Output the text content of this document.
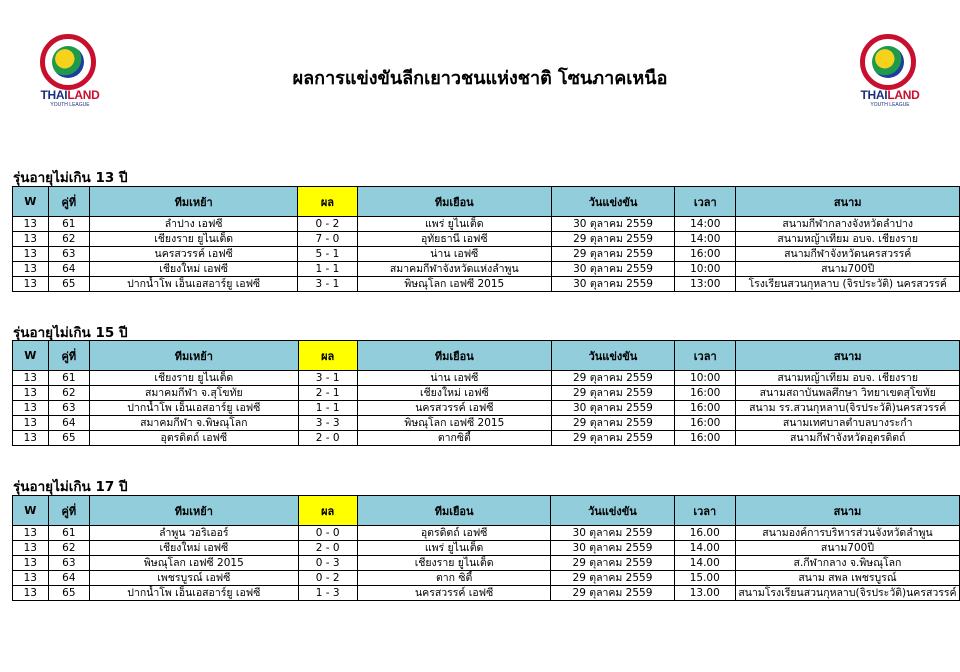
THAILAND
YOUTH LEAGUE
THAILAND
YOUTH LEAGUE
ผลการแข่งขันลีกเยาวชนแห่งชาติ โซนภาคเหนือ
รุ่นอายุไม่เกิน 13 ปี
W	คู่ที่	ทีมเหย้า	ผล	ทีมเยือน	วันแข่งขัน	เวลา	สนาม
13	61	ลำปาง เอฟซี	0 - 2	แพร่ ยูไนเต็ด	30 ตุลาคม 2559	14:00	สนามกีฬากลางจังหวัดลำปาง
13	62	เชียงราย ยูไนเต็ด	7 - 0	อุทัยธานี เอฟซี	29 ตุลาคม 2559	14:00	สนามหญ้าเทียม อบจ. เชียงราย
13	63	นครสวรรค์ เอฟซี	5 - 1	น่าน เอฟซี	29 ตุลาคม 2559	16:00	สนามกีฬาจังหวัดนครสวรรค์
13	64	เชียงใหม่ เอฟซี	1 - 1	สมาคมกีฬาจังหวัดแห่งลำพูน	30 ตุลาคม 2559	10:00	สนาม700ปี
13	65	ปากน้ำโพ เอ็นเอสอาร์ยู เอฟซี	3 - 1	พิษณุโลก เอฟซี 2015	30 ตุลาคม 2559	13:00	โรงเรียนสวนกุหลาบ (จิรประวัติ) นครสวรรค์
รุ่นอายุไม่เกิน 15 ปี
W	คู่ที่	ทีมเหย้า	ผล	ทีมเยือน	วันแข่งขัน	เวลา	สนาม
13	61	เชียงราย ยูไนเต็ด	3 - 1	น่าน เอฟซี	29 ตุลาคม 2559	10:00	สนามหญ้าเทียม อบจ. เชียงราย
13	62	สมาคมกีฬา จ.สุโขทัย	2 - 1	เชียงใหม่ เอฟซี	29 ตุลาคม 2559	16:00	สนามสถาบันพลศึกษา วิทยาเขตสุโขทัย
13	63	ปากน้ำโพ เอ็นเอสอาร์ยู เอฟซี	1 - 1	นครสวรรค์ เอฟซี	30 ตุลาคม 2559	16:00	สนาม รร.สวนกุหลาบ(จิรประวัติ)นครสวรรค์
13	64	สมาคมกีฬา จ.พิษณุโลก	3 - 3	พิษณุโลก เอฟซี 2015	29 ตุลาคม 2559	16:00	สนามเทศบาลตำบลบางระกำ
13	65	อุตรดิตถ์ เอฟซี	2 - 0	ตากซิตี้	29 ตุลาคม 2559	16:00	สนามกีฬาจังหวัดอุตรดิตถ์
รุ่นอายุไม่เกิน 17 ปี
W	คู่ที่	ทีมเหย้า	ผล	ทีมเยือน	วันแข่งขัน	เวลา	สนาม
13	61	ลำพูน วอริเออร์	0 - 0	อุตรดิตถ์ เอฟซี	30 ตุลาคม 2559	16.00	สนามองค์การบริหารส่วนจังหวัดลำพูน
13	62	เชียงใหม่ เอฟซี	2 - 0	แพร่ ยูไนเต็ด	30 ตุลาคม 2559	14.00	สนาม700ปี
13	63	พิษณุโลก เอฟซี 2015	0 - 3	เชียงราย ยูไนเต็ด	29 ตุลาคม 2559	14.00	ส.กีฬากลาง จ.พิษณุโลก
13	64	เพชรบูรณ์ เอฟซี	0 - 2	ตาก ซิตี้	29 ตุลาคม 2559	15.00	สนาม สพล เพชรบูรณ์
13	65	ปากน้ำโพ เอ็นเอสอาร์ยู เอฟซี	1 - 3	นครสวรรค์ เอฟซี	29 ตุลาคม 2559	13.00	สนามโรงเรียนสวนกุหลาบ(จิรประวัติ)นครสวรรค์
